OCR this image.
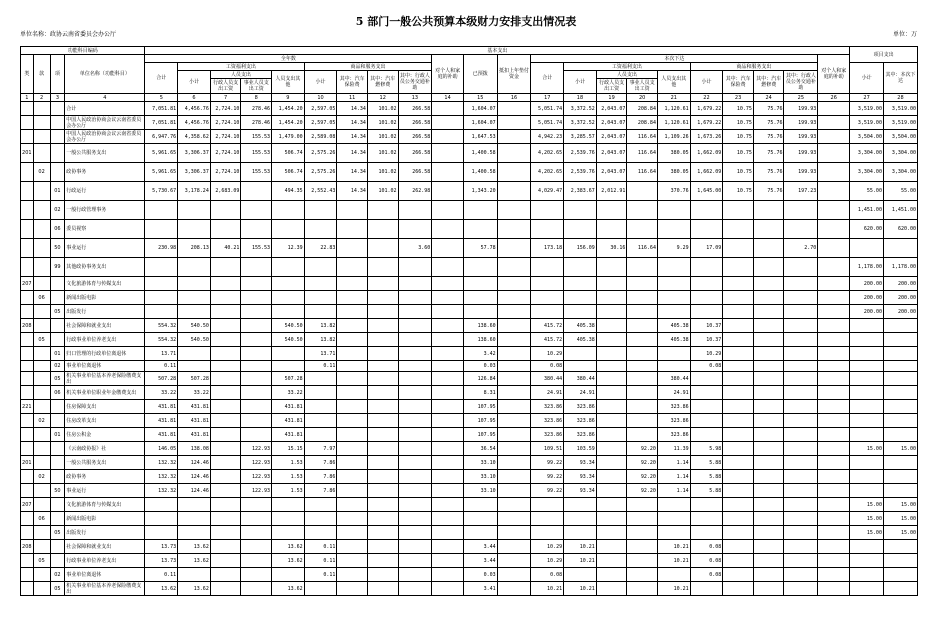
5 部门一般公共预算本级财力安排支出情况表
单位名称：政协云南省委员会办公厅	单位：万
功能科目编码				基本支出																						项目支出	
类	款	项	单位名称（功能科目）	全年数									对个人和家庭的补助	已预拨	抵扣上年垫付资金	本次下达									对个人和家庭的补助		
				合计	工资福利支出				商品和服务支出							合计	工资福利支出				商品和服务支出					小计	其中：本次下达
					小计	人员支出		人员支出其他	小计	其中：汽车保险费	其中：汽车燃修费	其中：行政人员公务交通补助					小计	人员支出		人员支出其他	小计	其中：汽车保险费	其中：汽车燃修费	其中：行政人员公务交通补助			
						行政人员支出工资	事业人员支出工资											行政人员支出工资	事业人员支出工资								
1	2	3	4	5	6	7	8	9	10	11	12	13	14	15	16	17	18	19	20	21	22	23	24	25	26	27	28
			合计	7,051.81	4,456.76	2,724.10	278.46	1,454.20	2,597.05	14.34	101.02	266.58		1,604.07		5,051.74	3,372.52	2,043.07	208.84	1,120.61	1,679.22	10.75	75.76	199.93		3,519.00	3,519.00
			中国人民政治协商会议云南省委员会办公厅	7,051.81	4,456.76	2,724.10	278.46	1,454.20	2,597.05	14.34	101.02	266.58		1,604.07		5,051.74	3,372.52	2,043.07	208.84	1,120.61	1,679.22	10.75	75.76	199.93		3,519.00	3,519.00
			中国人民政治协商会议云南省委员会办公厅	6,947.76	4,358.62	2,724.10	155.53	1,479.00	2,589.08	14.34	101.02	266.58		1,647.53		4,942.23	3,285.57	2,043.07	116.64	1,109.26	1,673.26	10.75	75.76	199.93		3,504.00	3,504.00
201			一般公共服务支出	5,961.65	3,306.37	2,724.10	155.53	506.74	2,575.26	14.34	101.02	266.58		1,400.58		4,202.65	2,539.76	2,043.07	116.64	380.05	1,662.09	10.75	75.76	199.93		3,304.00	3,304.00
	02		政协事务	5,961.65	3,306.37	2,724.10	155.53	506.74	2,575.26	14.34	101.02	266.58		1,400.58		4,202.65	2,539.76	2,043.07	116.64	380.05	1,662.09	10.75	75.76	199.93		3,304.00	3,304.00
		01	行政运行	5,730.67	3,178.24	2,683.09		494.35	2,552.43	14.34	101.02	262.98		1,343.20		4,029.47	2,383.67	2,012.91		370.76	1,645.00	10.75	75.76	197.23		55.00	55.00
		02	一般行政管理事务																							1,451.00	1,451.00
		06	委员视察																							620.00	620.00
		50	事业运行	230.98	208.13	40.21	155.53	12.39	22.83			3.60		57.78		173.18	156.09	30.16	116.64	9.29	17.09			2.70			
		99	其他政协事务支出																							1,178.00	1,178.00
207			文化旅游体育与传媒支出																							200.00	200.00
	06		新闻出版电影																							200.00	200.00
		05	出版发行																							200.00	200.00
208			社会保障和就业支出	554.32	540.50			540.50	13.82					138.60		415.72	405.38			405.38	10.37						
	05		行政事业单位养老支出	554.32	540.50			540.50	13.82					138.60		415.72	405.38			405.38	10.37						
		01	归口管理的行政单位离退休	13.71					13.71					3.42		10.29					10.29						
		02	事业单位离退休	0.11					0.11					0.03		0.08					0.08						
		05	机关事业单位基本养老保险缴费支出	507.28	507.28			507.28						126.84		380.44	380.44			380.44							
		06	机关事业单位职业年金缴费支出	33.22	33.22			33.22						8.31		24.91	24.91			24.91							
221			住房保障支出	431.81	431.81			431.81						107.95		323.86	323.86			323.86							
	02		住房改革支出	431.81	431.81			431.81						107.95		323.86	323.86			323.86							
		01	住房公积金	431.81	431.81			431.81						107.95		323.86	323.86			323.86							
			《云南政协报》社	146.05	138.08		122.93	15.15	7.97					36.54		109.51	103.59		92.20	11.39	5.98					15.00	15.00
201			一般公共服务支出	132.32	124.46		122.93	1.53	7.86					33.10		99.22	93.34		92.20	1.14	5.88						
	02		政协事务	132.32	124.46		122.93	1.53	7.86					33.10		99.22	93.34		92.20	1.14	5.88						
		50	事业运行	132.32	124.46		122.93	1.53	7.86					33.10		99.22	93.34		92.20	1.14	5.88						
207			文化旅游体育与传媒支出																							15.00	15.00
	06		新闻出版电影																							15.00	15.00
		05	出版发行																							15.00	15.00
208			社会保障和就业支出	13.73	13.62			13.62	0.11					3.44		10.29	10.21			10.21	0.08						
	05		行政事业单位养老支出	13.73	13.62			13.62	0.11					3.44		10.29	10.21			10.21	0.08						
		02	事业单位离退休	0.11					0.11					0.03		0.08					0.08						
		05	机关事业单位基本养老保险缴费支出	13.62	13.62			13.62						3.41		10.21	10.21			10.21							
